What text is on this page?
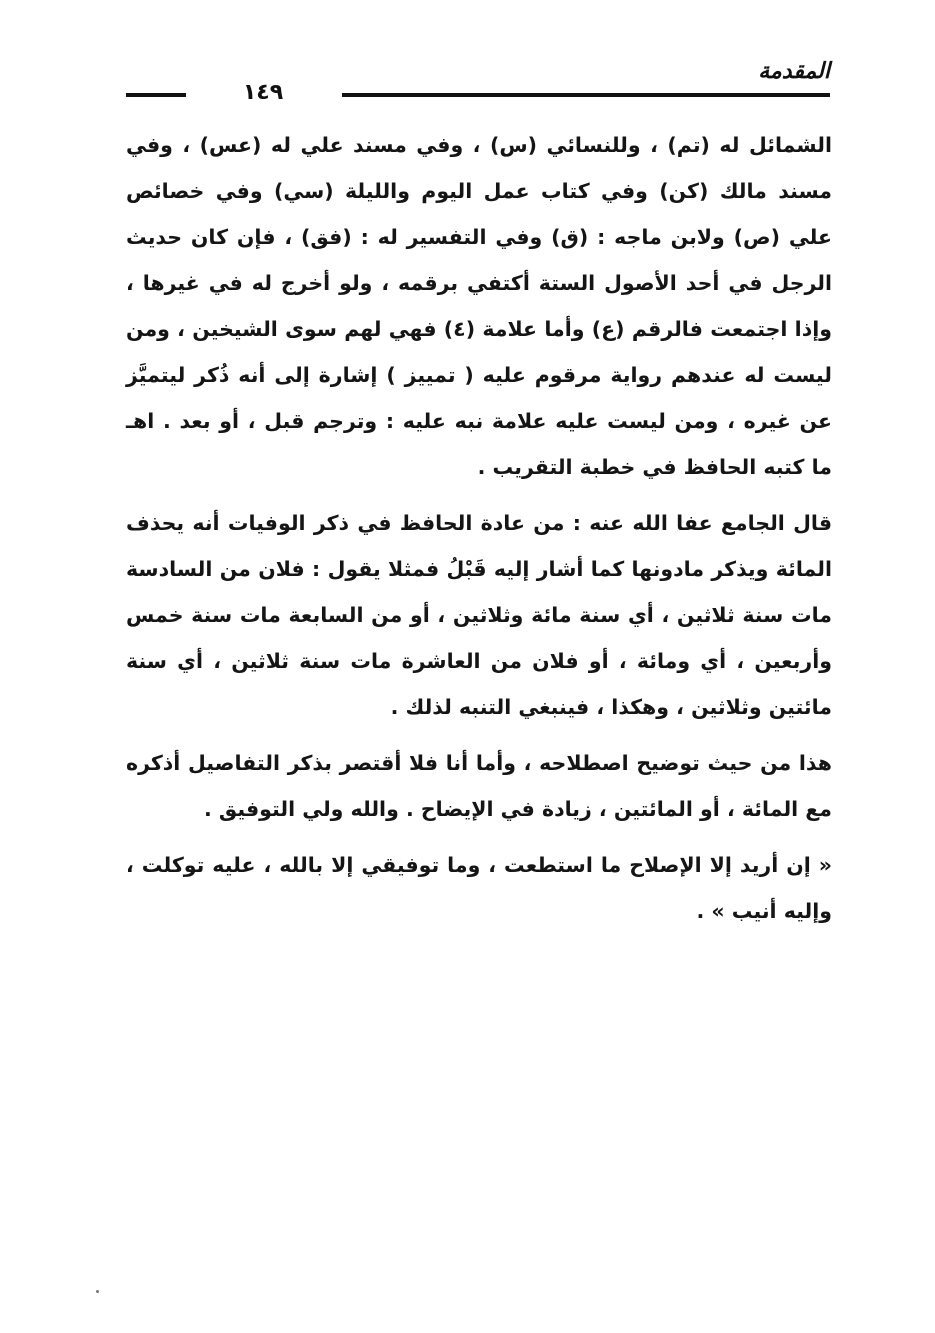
المقدمة
١٤٩

الشمائل له (تم) ، وللنسائي (س) ، وفي مسند علي له (عس) ، وفي مسند مالك (كن) وفي كتاب عمل اليوم والليلة (سي) وفي خصائص علي (ص) ولابن ماجه : (ق) وفي التفسير له : (فق) ، فإن كان حديث الرجل في أحد الأصول الستة أكتفي برقمه ، ولو أخرج له في غيرها ، وإذا اجتمعت فالرقم (ع) وأما علامة (٤) فهي لهم سوى الشيخين ، ومن ليست له عندهم رواية مرقوم عليه ( تمييز ) إشارة إلى أنه ذُكر ليتميَّز عن غيره ، ومن ليست عليه علامة نبه عليه : وترجم قبل ، أو بعد . اهـ ما كتبه الحافظ في خطبة التقريب .

قال الجامع عفا الله عنه : من عادة الحافظ في ذكر الوفيات أنه يحذف المائة ويذكر مادونها كما أشار إليه قَبْلُ فمثلا يقول : فلان من السادسة مات سنة ثلاثين ، أي سنة مائة وثلاثين ، أو من السابعة مات سنة خمس وأربعين ، أي ومائة ، أو فلان من العاشرة مات سنة ثلاثين ، أي سنة مائتين وثلاثين ، وهكذا ، فينبغي التنبه لذلك .

هذا من حيث توضيح اصطلاحه ، وأما أنا فلا أقتصر بذكر التفاصيل أذكره مع المائة ، أو المائتين ، زيادة في الإيضاح . والله ولي التوفيق .

« إن أريد إلا الإصلاح ما استطعت ، وما توفيقي إلا بالله ، عليه توكلت ، وإليه أنيب » .
